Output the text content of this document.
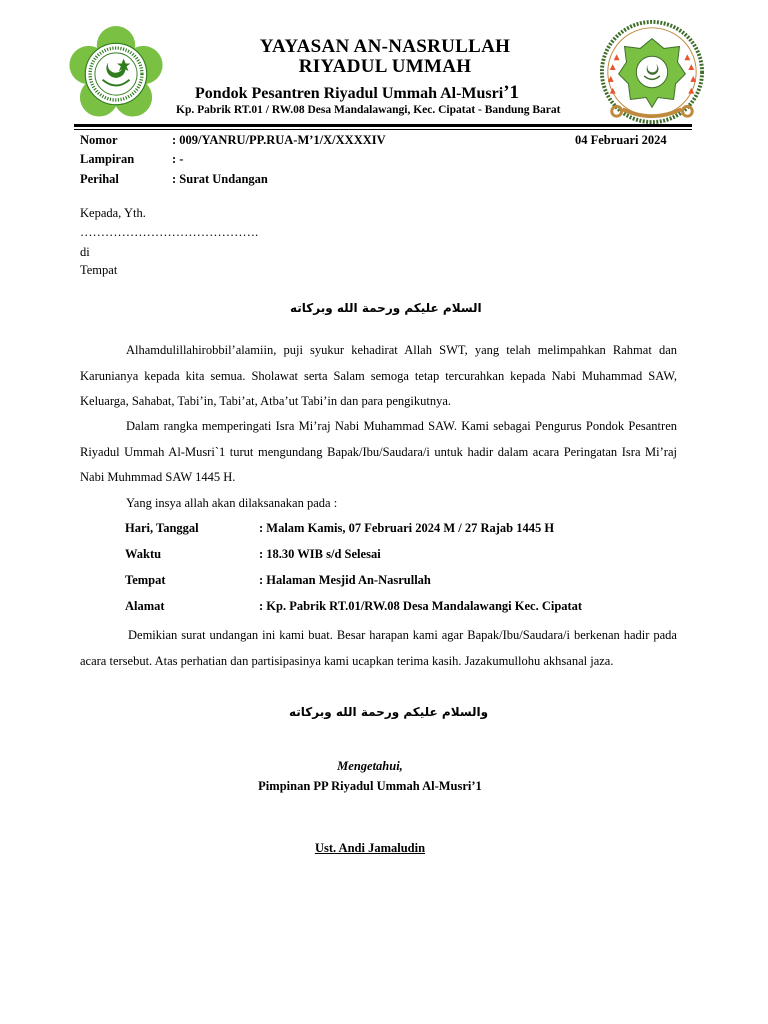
YAYASAN AN-NASRULLAH
RIYADUL UMMAH
Pondok Pesantren Riyadul Ummah Al-Musri’1
Kp. Pabrik RT.01 / RW.08 Desa Mandalawangi, Kec. Cipatat - Bandung Barat
Nomor	: 009/YANRU/PP.RUA-M’1/X/XXXXIV	04 Februari 2024
Lampiran	: -
Perihal	: Surat Undangan
Kepada, Yth.
…………………………………….
di
Tempat
السلام عليكم ورحمة الله وبركاته
Alhamdulillahirobbil’alamiin, puji syukur kehadirat Allah SWT, yang telah melimpahkan Rahmat dan Karunianya kepada kita semua. Sholawat serta Salam semoga tetap tercurahkan kepada Nabi Muhammad SAW, Keluarga, Sahabat, Tabi’in, Tabi’at, Atba’ut Tabi’in dan para pengikutnya.
Dalam rangka memperingati Isra Mi’raj Nabi Muhammad SAW. Kami sebagai Pengurus Pondok Pesantren Riyadul Ummah Al-Musri`1 turut mengundang Bapak/Ibu/Saudara/i untuk hadir dalam acara Peringatan Isra Mi’raj Nabi Muhmmad SAW 1445 H.
Yang insya allah akan dilaksanakan pada :
Hari, Tanggal	: Malam Kamis, 07 Februari 2024 M / 27 Rajab 1445 H
Waktu	: 18.30 WIB s/d Selesai
Tempat	: Halaman Mesjid An-Nasrullah
Alamat	: Kp. Pabrik RT.01/RW.08 Desa Mandalawangi Kec. Cipatat
Demikian surat undangan ini kami buat. Besar harapan kami agar Bapak/Ibu/Saudara/i berkenan hadir pada acara tersebut. Atas perhatian dan partisipasinya kami ucapkan terima kasih. Jazakumullohu akhsanal jaza.
والسلام عليكم ورحمة الله وبركاته
Mengetahui,
Pimpinan PP Riyadul Ummah Al-Musri’1
Ust. Andi Jamaludin
